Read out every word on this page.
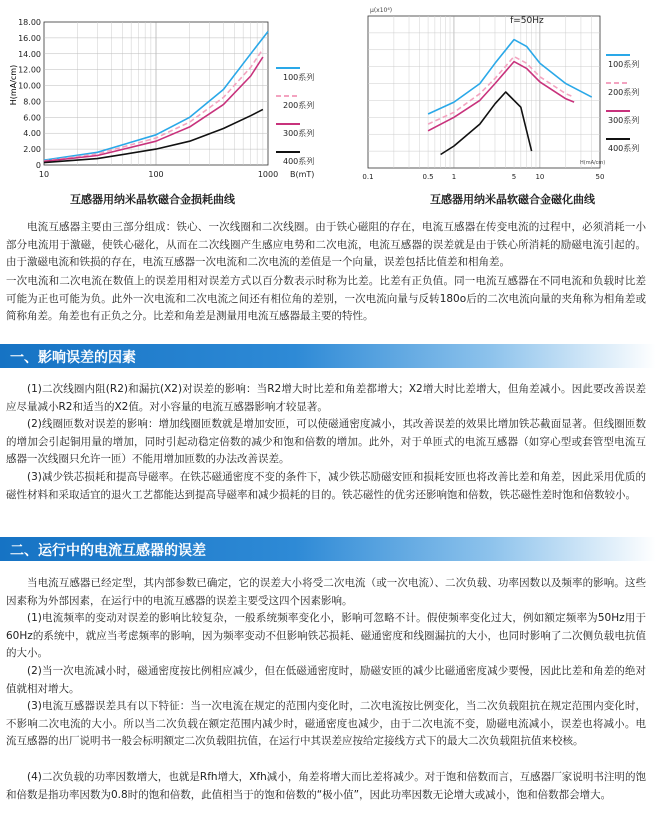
0
2.00
4.00
6.00
8.00
10.00
12.00
14.00
16.00
18.00
10	100	1000 B(mT)
H(mA/cm)	100系列
200系列
300系列
400系列
互感器用纳米晶软磁合金损耗曲线
0.1	0.5	1	5	10	50
μ(x10⁴)
H(mA/cm)
f=50Hz
100系列
200系列
300系列
400系列
互感器用纳米晶软磁合金磁化曲线

电流互感器主要由三部分组成：铁心、一次线圈和二次线圈。由于铁心磁阻的存在，电流互感器在传变电流的过程中，必须消耗一小部分电流用于激磁，使铁心磁化，从而在二次线圈产生感应电势和二次电流，电流互感器的误差就是由于铁心所消耗的励磁电流引起的。由于激磁电流和铁损的存在，电流互感器一次电流和二次电流的差值是一个向量，误差包括比值差和相角差。

一次电流和二次电流在数值上的误差用相对误差方式以百分数表示时称为比差。比差有正负值。同一电流互感器在不同电流和负载时比差可能为正也可能为负。此外一次电流和二次电流之间还有相位角的差别，一次电流向量与反转180o后的二次电流向量的夹角称为相角差或简称角差。角差也有正负之分。比差和角差是测量用电流互感器最主要的特性。

一、影响误差的因素

(1)二次线圈内阻(R2)和漏抗(X2)对误差的影响：当R2增大时比差和角差都增大；X2增大时比差增大，但角差减小。因此要改善误差应尽量减小R2和适当的X2值。对小容量的电流互感器影响才较显著。

(2)线圈匝数对误差的影响：增加线圈匝数就是增加安匝，可以使磁通密度减小，其改善误差的效果比增加铁芯截面显著。但线圈匝数的增加会引起铜用量的增加，同时引起动稳定倍数的减少和饱和倍数的增加。此外，对于单匝式的电流互感器（如穿心型或套管型电流互感器一次线圈只允许一匝）不能用增加匝数的办法改善误差。

(3)减少铁芯损耗和提高导磁率。在铁芯磁通密度不变的条件下，减少铁芯励磁安匝和损耗安匝也将改善比差和角差，因此采用优质的磁性材料和采取适宜的退火工艺都能达到提高导磁率和减少损耗的目的。铁芯磁性的优劣还影响饱和倍数，铁芯磁性差时饱和倍数较小。

二、运行中的电流互感器的误差

当电流互感器已经定型，其内部参数已确定，它的误差大小将受二次电流（或一次电流）、二次负载、功率因数以及频率的影响。这些因素称为外部因素，在运行中的电流互感器的误差主要受这四个因素影响。

(1)电流频率的变动对误差的影响比较复杂，一般系统频率变化小，影响可忽略不计。假使频率变化过大，例如额定频率为50Hz用于60Hz的系统中，就应当考虑频率的影响，因为频率变动不但影响铁芯损耗、磁通密度和线圈漏抗的大小，也同时影响了二次侧负载电抗值的大小。

(2)当一次电流减小时，磁通密度按比例相应减少，但在低磁通密度时，励磁安匝的减少比磁通密度减少要慢，因此比差和角差的绝对值就相对增大。

(3)电流互感器误差具有以下特征：当一次电流在规定的范围内变化时，二次电流按比例变化，当二次负载阻抗在规定范围内变化时，不影响二次电流的大小。所以当二次负载在额定范围内减少时，磁通密度也减少，由于二次电流不变，励磁电流减小，误差也将减小。电流互感器的出厂说明书一般会标明额定二次负载阻抗值，在运行中其误差应按给定接线方式下的最大二次负载阻抗值来校核。

(4)二次负载的功率因数增大，也就是Rfh增大，Xfh减小，角差将增大而比差将减少。对于饱和倍数而言，互感器厂家说明书注明的饱和倍数是指功率因数为0.8时的饱和倍数，此值相当于的饱和倍数的“极小值”，因此功率因数无论增大或减小，饱和倍数都会增大。
